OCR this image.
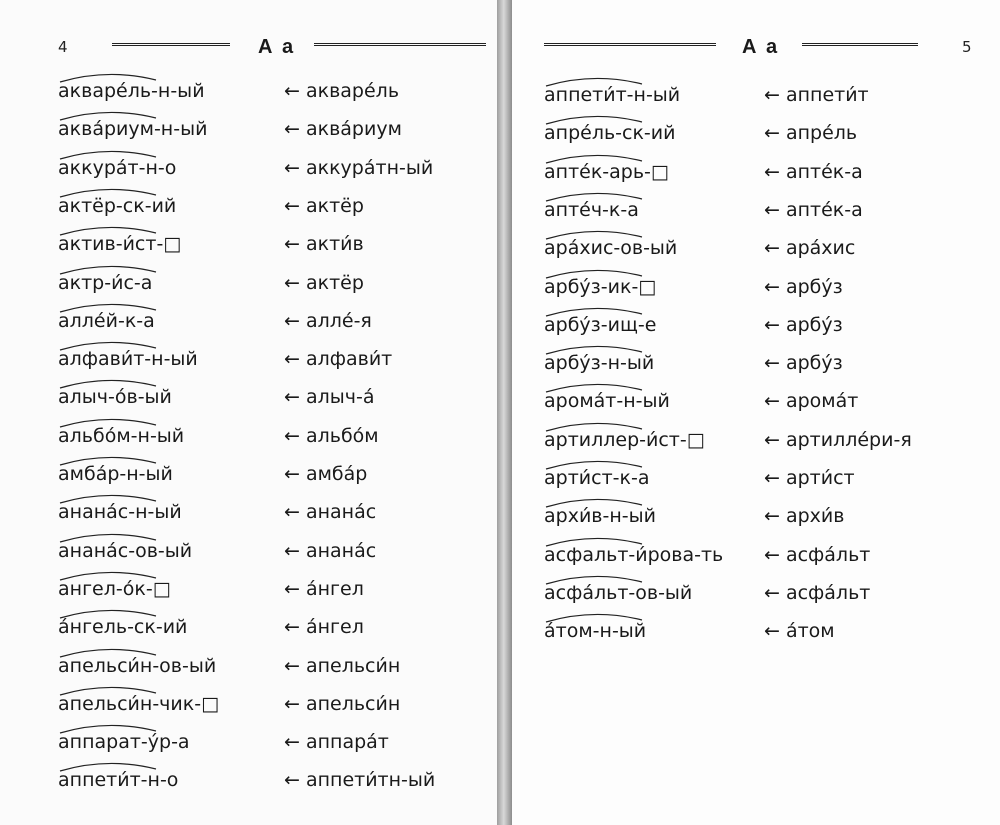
4	А а
акваре́ль-н-ый	← акваре́ль
аква́риум-н-ый	← аква́риум
аккура́т-н-о	← аккура́тн-ый
актёр-ск-ий	← актёр
актив-и́ст-□	← акти́в
актр-и́с-а	← актёр
алле́й-к-а	← алле́-я
алфави́т-н-ый	← алфави́т
алыч-о́в-ый	← алыч-а́
альбо́м-н-ый	← альбо́м
амба́р-н-ый	← амба́р
анана́с-н-ый	← анана́с
анана́с-ов-ый	← анана́с
ангел-о́к-□	← а́нгел
а́нгель-ск-ий	← а́нгел
апельси́н-ов-ый	← апельси́н
апельси́н-чик-□	← апельси́н
аппарат-у́р-а	← аппара́т
аппети́т-н-о	← аппети́тн-ый
А а	5
аппети́т-н-ый	← аппети́т
апре́ль-ск-ий	← апре́ль
апте́к-арь-□	← апте́к-а
апте́ч-к-а	← апте́к-а
ара́хис-ов-ый	← ара́хис
арбу́з-ик-□	← арбу́з
арбу́з-ищ-е	← арбу́з
арбу́з-н-ый	← арбу́з
арома́т-н-ый	← арома́т
артиллер-и́ст-□	← артилле́ри-я
арти́ст-к-а	← арти́ст
архи́в-н-ый	← архи́в
асфальт-и́рова-ть ← асфа́льт
асфа́льт-ов-ый	← асфа́льт
а́том-н-ый	← а́том
